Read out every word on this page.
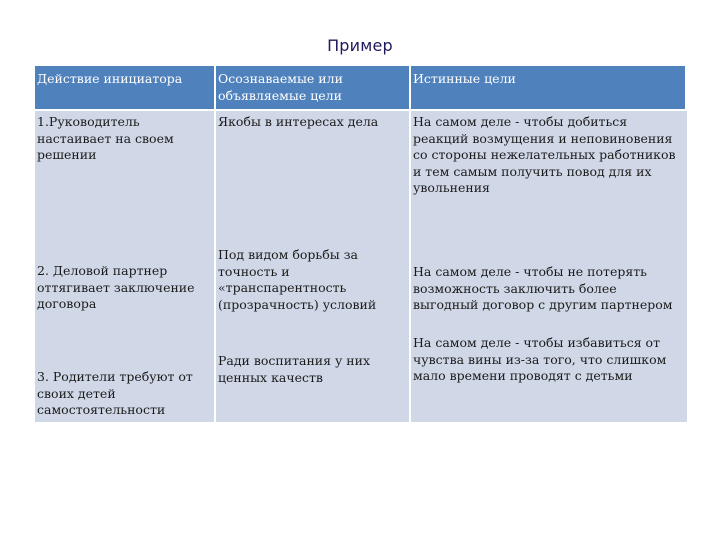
Пример
Действие инициатора	Осознаваемые или объявляемые цели
Истинные цели
1.Руководитель настаивает на своем решении
2. Деловой партнер оттягивает заключение договора
3. Родители требуют от своих детей самостоятельности
Якобы в интересах дела
Под видом борьбы за точность и «транспарентность (прозрачность) условий
Ради воспитания у них ценных качеств
На самом деле - чтобы добиться реакций возмущения и неповиновения со стороны нежелательных работников и тем самым получить повод для их увольнения
На самом деле - чтобы не потерять возможность заключить более выгодный договор с другим партнером
На самом деле - чтобы избавиться от чувства вины из-за того, что слишком мало времени проводят с детьми
